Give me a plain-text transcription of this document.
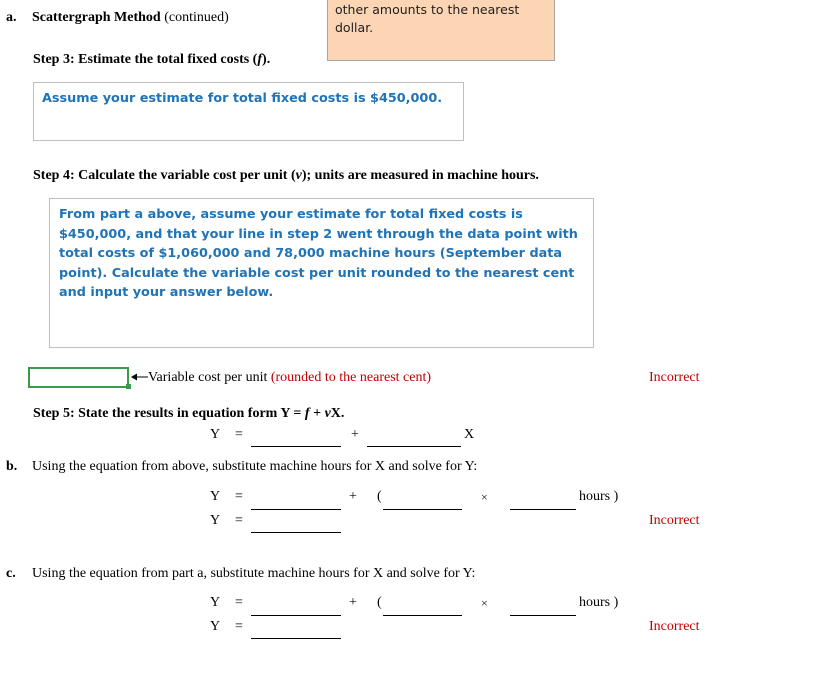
a. Scattergraph Method (continued)
other amounts to the nearest dollar.
Step 3: Estimate the total fixed costs (f).
Assume your estimate for total fixed costs is $450,000.
Step 4: Calculate the variable cost per unit (v); units are measured in machine hours.
From part a above, assume your estimate for total fixed costs is $450,000, and that your line in step 2 went through the data point with total costs of $1,060,000 and 78,000 machine hours (September data point). Calculate the variable cost per unit rounded to the nearest cent and input your answer below.
Variable cost per unit (rounded to the nearest cent)	Incorrect
Step 5: State the results in equation form Y = f + vX.
Y =	+	X
b. Using the equation from above, substitute machine hours for X and solve for Y:
Y =	+ (	×	hours )
Y =	Incorrect
c. Using the equation from part a, substitute machine hours for X and solve for Y:
Y =	+ (	×	hours )
Y =	Incorrect
